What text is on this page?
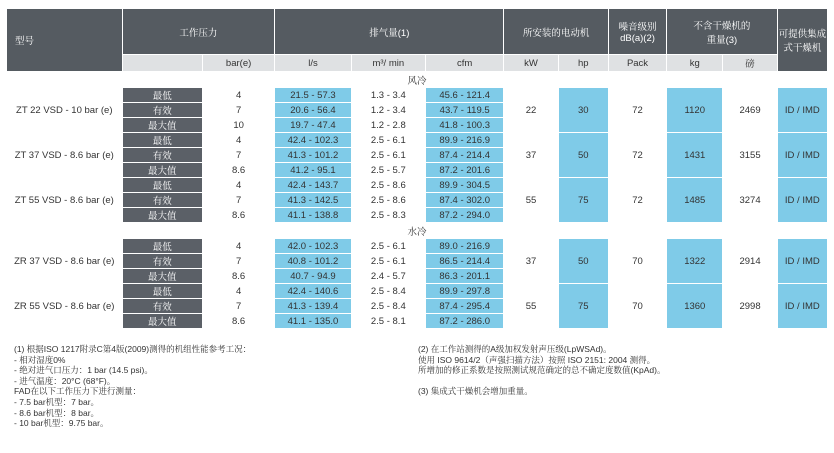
型号	工作压力		排气量(1)			所安装的电动机		噪音级别
dB(a)(2)	不含干燥机的
重量(3)		可提供集成
式干燥机
		bar(e)	l/s	m³/ min	cfm	kW	hp	Pack	kg	磅	
风冷											
ZT 22 VSD - 10 bar (e)	最低	4	21.5 - 57.3	1.3 - 3.4	45.6 - 121.4	22	30	72	1120	2469	ID / IMD
	有效	7	20.6 - 56.4	1.2 - 3.4	43.7 - 119.5						
	最大值	10	19.7 - 47.4	1.2 - 2.8	41.8 - 100.3						
ZT 37 VSD - 8.6 bar (e)	最低	4	42.4 - 102.3	2.5 - 6.1	89.9 - 216.9	37	50	72	1431	3155	ID / IMD
	有效	7	41.3 - 101.2	2.5 - 6.1	87.4 - 214.4						
	最大值	8.6	41.2 - 95.1	2.5 - 5.7	87.2 - 201.6						
ZT 55 VSD - 8.6 bar (e)	最低	4	42.4 - 143.7	2.5 - 8.6	89.9 - 304.5	55	75	72	1485	3274	ID / IMD
	有效	7	41.3 - 142.5	2.5 - 8.6	87.4 - 302.0						
	最大值	8.6	41.1 - 138.8	2.5 - 8.3	87.2 - 294.0						
水冷											
ZR 37 VSD - 8.6 bar (e)	最低	4	42.0 - 102.3	2.5 - 6.1	89.0 - 216.9	37	50	70	1322	2914	ID / IMD
	有效	7	40.8 - 101.2	2.5 - 6.1	86.5 - 214.4						
	最大值	8.6	40.7 - 94.9	2.4 - 5.7	86.3 - 201.1						
ZR 55 VSD - 8.6 bar (e)	最低	4	42.4 - 140.6	2.5 - 8.4	89.9 - 297.8	55	75	70	1360	2998	ID / IMD
	有效	7	41.3 - 139.4	2.5 - 8.4	87.4 - 295.4						
	最大值	8.6	41.1 - 135.0	2.5 - 8.1	87.2 - 286.0						
(1) 根据ISO 1217附录C第4版(2009)测得的机组性能参考工况：
- 相对湿度0%
- 绝对进气口压力：1 bar (14.5 psi)。
- 进气温度：20°C (68°F)。
FAD在以下工作压力下进行测量：
- 7.5 bar机型：7 bar。
- 8.6 bar机型：8 bar。
- 10 bar机型：9.75 bar。
(2) 在工作站测得的A级加权发射声压级(LpWSAd)。
使用 ISO 9614/2（声强扫描方法）按照 ISO 2151: 2004 测得。
所增加的修正系数是按照测试规范确定的总不确定度数值(KpAd)。
(3) 集成式干燥机会增加重量。
